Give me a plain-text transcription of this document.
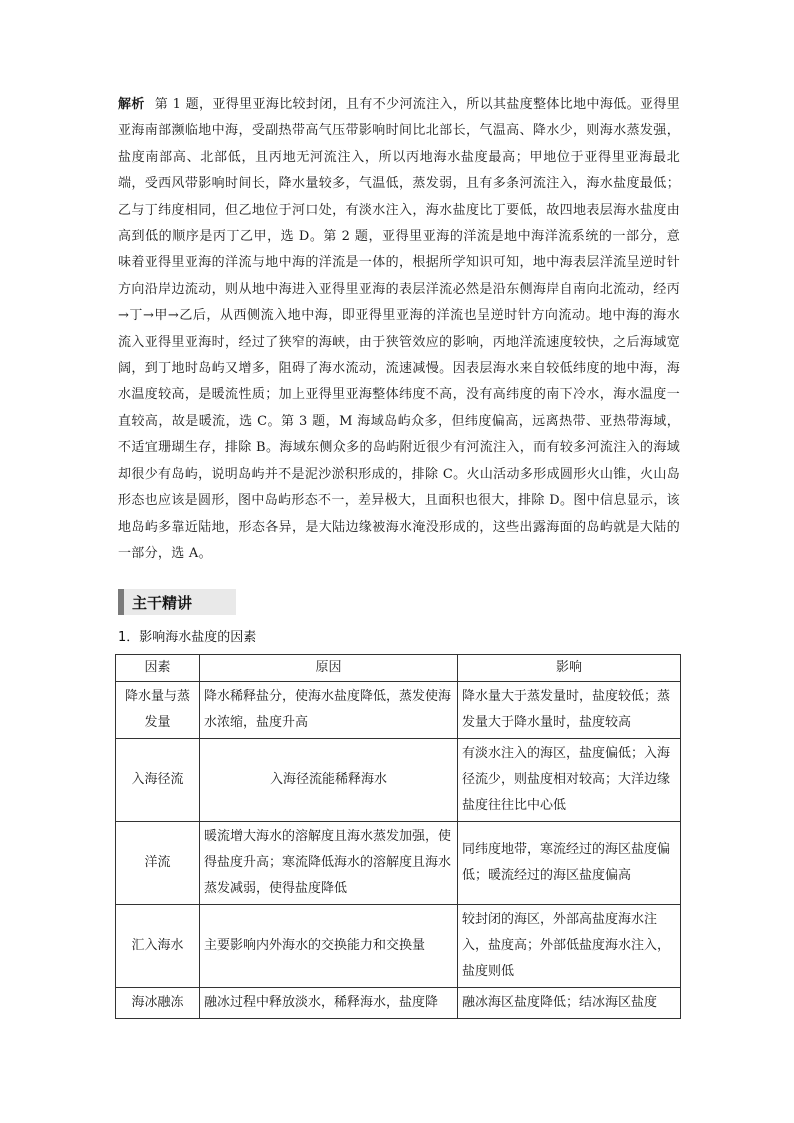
解析 第 1 题，亚得里亚海比较封闭，且有不少河流注入，所以其盐度整体比地中海低。亚得里亚海南部濒临地中海，受副热带高气压带影响时间比北部长，气温高、降水少，则海水蒸发强，盐度南部高、北部低，且丙地无河流注入，所以丙地海水盐度最高；甲地位于亚得里亚海最北端，受西风带影响时间长，降水量较多，气温低，蒸发弱，且有多条河流注入，海水盐度最低；乙与丁纬度相同，但乙地位于河口处，有淡水注入，海水盐度比丁要低，故四地表层海水盐度由高到低的顺序是丙丁乙甲，选 D。第 2 题，亚得里亚海的洋流是地中海洋流系统的一部分，意味着亚得里亚海的洋流与地中海的洋流是一体的，根据所学知识可知，地中海表层洋流呈逆时针方向沿岸边流动，则从地中海进入亚得里亚海的表层洋流必然是沿东侧海岸自南向北流动，经丙→丁→甲→乙后，从西侧流入地中海，即亚得里亚海的洋流也呈逆时针方向流动。地中海的海水流入亚得里亚海时，经过了狭窄的海峡，由于狭管效应的影响，丙地洋流速度较快，之后海域宽阔，到丁地时岛屿又增多，阻碍了海水流动，流速减慢。因表层海水来自较低纬度的地中海，海水温度较高，是暖流性质；加上亚得里亚海整体纬度不高，没有高纬度的南下冷水，海水温度一直较高，故是暖流，选 C。第 3 题，M 海域岛屿众多，但纬度偏高，远离热带、亚热带海域，不适宜珊瑚生存，排除 B。海域东侧众多的岛屿附近很少有河流注入，而有较多河流注入的海域却很少有岛屿，说明岛屿并不是泥沙淤积形成的，排除 C。火山活动多形成圆形火山锥，火山岛形态也应该是圆形，图中岛屿形态不一，差异极大，且面积也很大，排除 D。图中信息显示，该地岛屿多靠近陆地，形态各异，是大陆边缘被海水淹没形成的，这些出露海面的岛屿就是大陆的一部分，选 A。
主干精讲
1．影响海水盐度的因素
因素	原因	影响
降水量与蒸发量	降水稀释盐分，使海水盐度降低，蒸发使海水浓缩，盐度升高	降水量大于蒸发量时，盐度较低；蒸发量大于降水量时，盐度较高
入海径流	入海径流能稀释海水	有淡水注入的海区，盐度偏低；入海径流少，则盐度相对较高；大洋边缘盐度往往比中心低
洋流	暖流增大海水的溶解度且海水蒸发加强，使得盐度升高；寒流降低海水的溶解度且海水蒸发减弱，使得盐度降低	同纬度地带，寒流经过的海区盐度偏低；暖流经过的海区盐度偏高
汇入海水	主要影响内外海水的交换能力和交换量	较封闭的海区，外部高盐度海水注入，盐度高；外部低盐度海水注入，盐度则低
海冰融冻	融冰过程中释放淡水，稀释海水，盐度降	融冰海区盐度降低；结冰海区盐度
